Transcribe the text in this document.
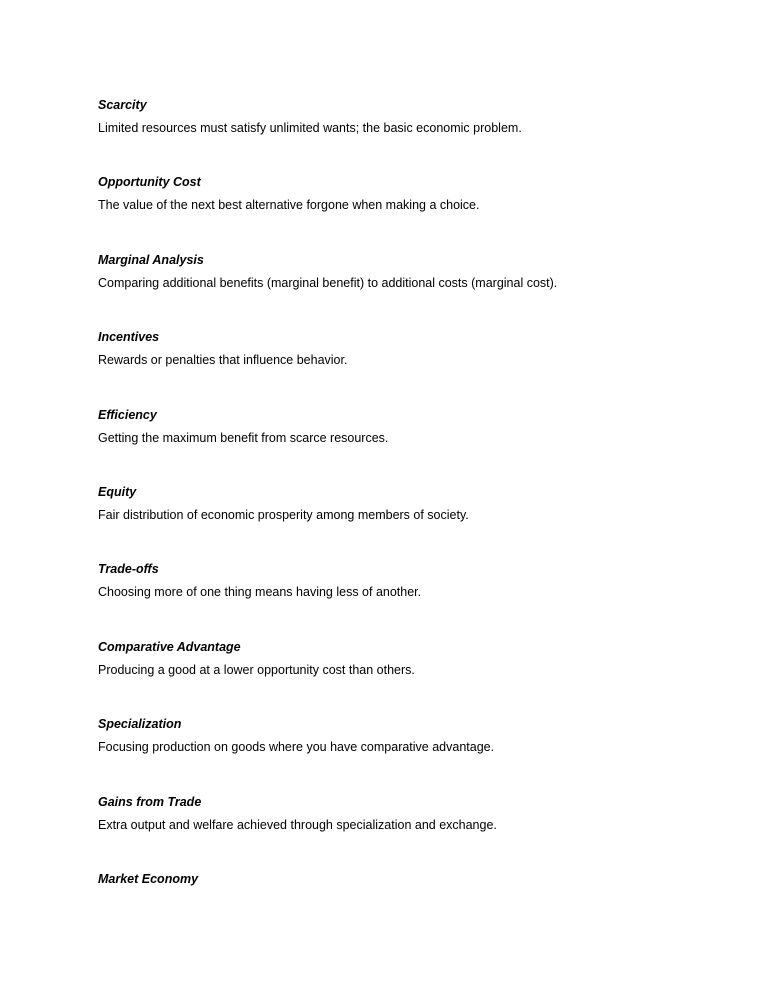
Scarcity
Limited resources must satisfy unlimited wants; the basic economic problem.
Opportunity Cost
The value of the next best alternative forgone when making a choice.
Marginal Analysis
Comparing additional benefits (marginal benefit) to additional costs (marginal cost).
Incentives
Rewards or penalties that influence behavior.
Efficiency
Getting the maximum benefit from scarce resources.
Equity
Fair distribution of economic prosperity among members of society.
Trade-offs
Choosing more of one thing means having less of another.
Comparative Advantage
Producing a good at a lower opportunity cost than others.
Specialization
Focusing production on goods where you have comparative advantage.
Gains from Trade
Extra output and welfare achieved through specialization and exchange.
Market Economy
